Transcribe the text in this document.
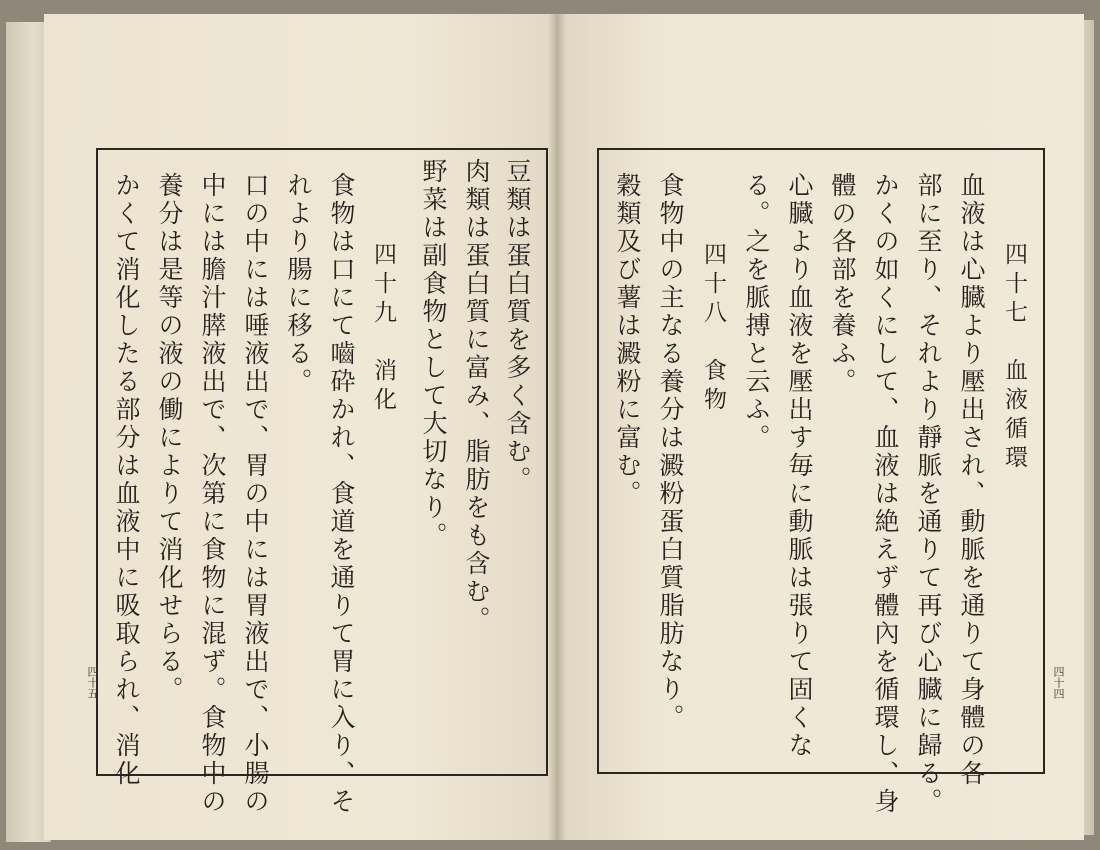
豆類は蛋白質を多く含む。
肉類は蛋白質に富み、脂肪をも含む。
野菜は副食物として大切なり。
四十九　消化
食物は口にて嚙砕かれ、食道を通りて胃に入り、そ
れより腸に移る。
口の中には唾液出で、胃の中には胃液出で、小腸の
中には膽汁膵液出で、次第に食物に混ず。食物中の
養分は是等の液の働によりて消化せらる。
かくて消化したる部分は血液中に吸取られ、消化
四十五
四十七　血液循環
血液は心臓より壓出され、動脈を通りて身體の各
部に至り、それより靜脈を通りて再び心臓に歸る。
かくの如くにして、血液は絶えず體內を循環し、身
體の各部を養ふ。
心臓より血液を壓出す毎に動脈は張りて固くな
る。之を脈搏と云ふ。
四十八　食物
食物中の主なる養分は澱粉蛋白質脂肪なり。
穀類及び薯は澱粉に富む。
四十四
